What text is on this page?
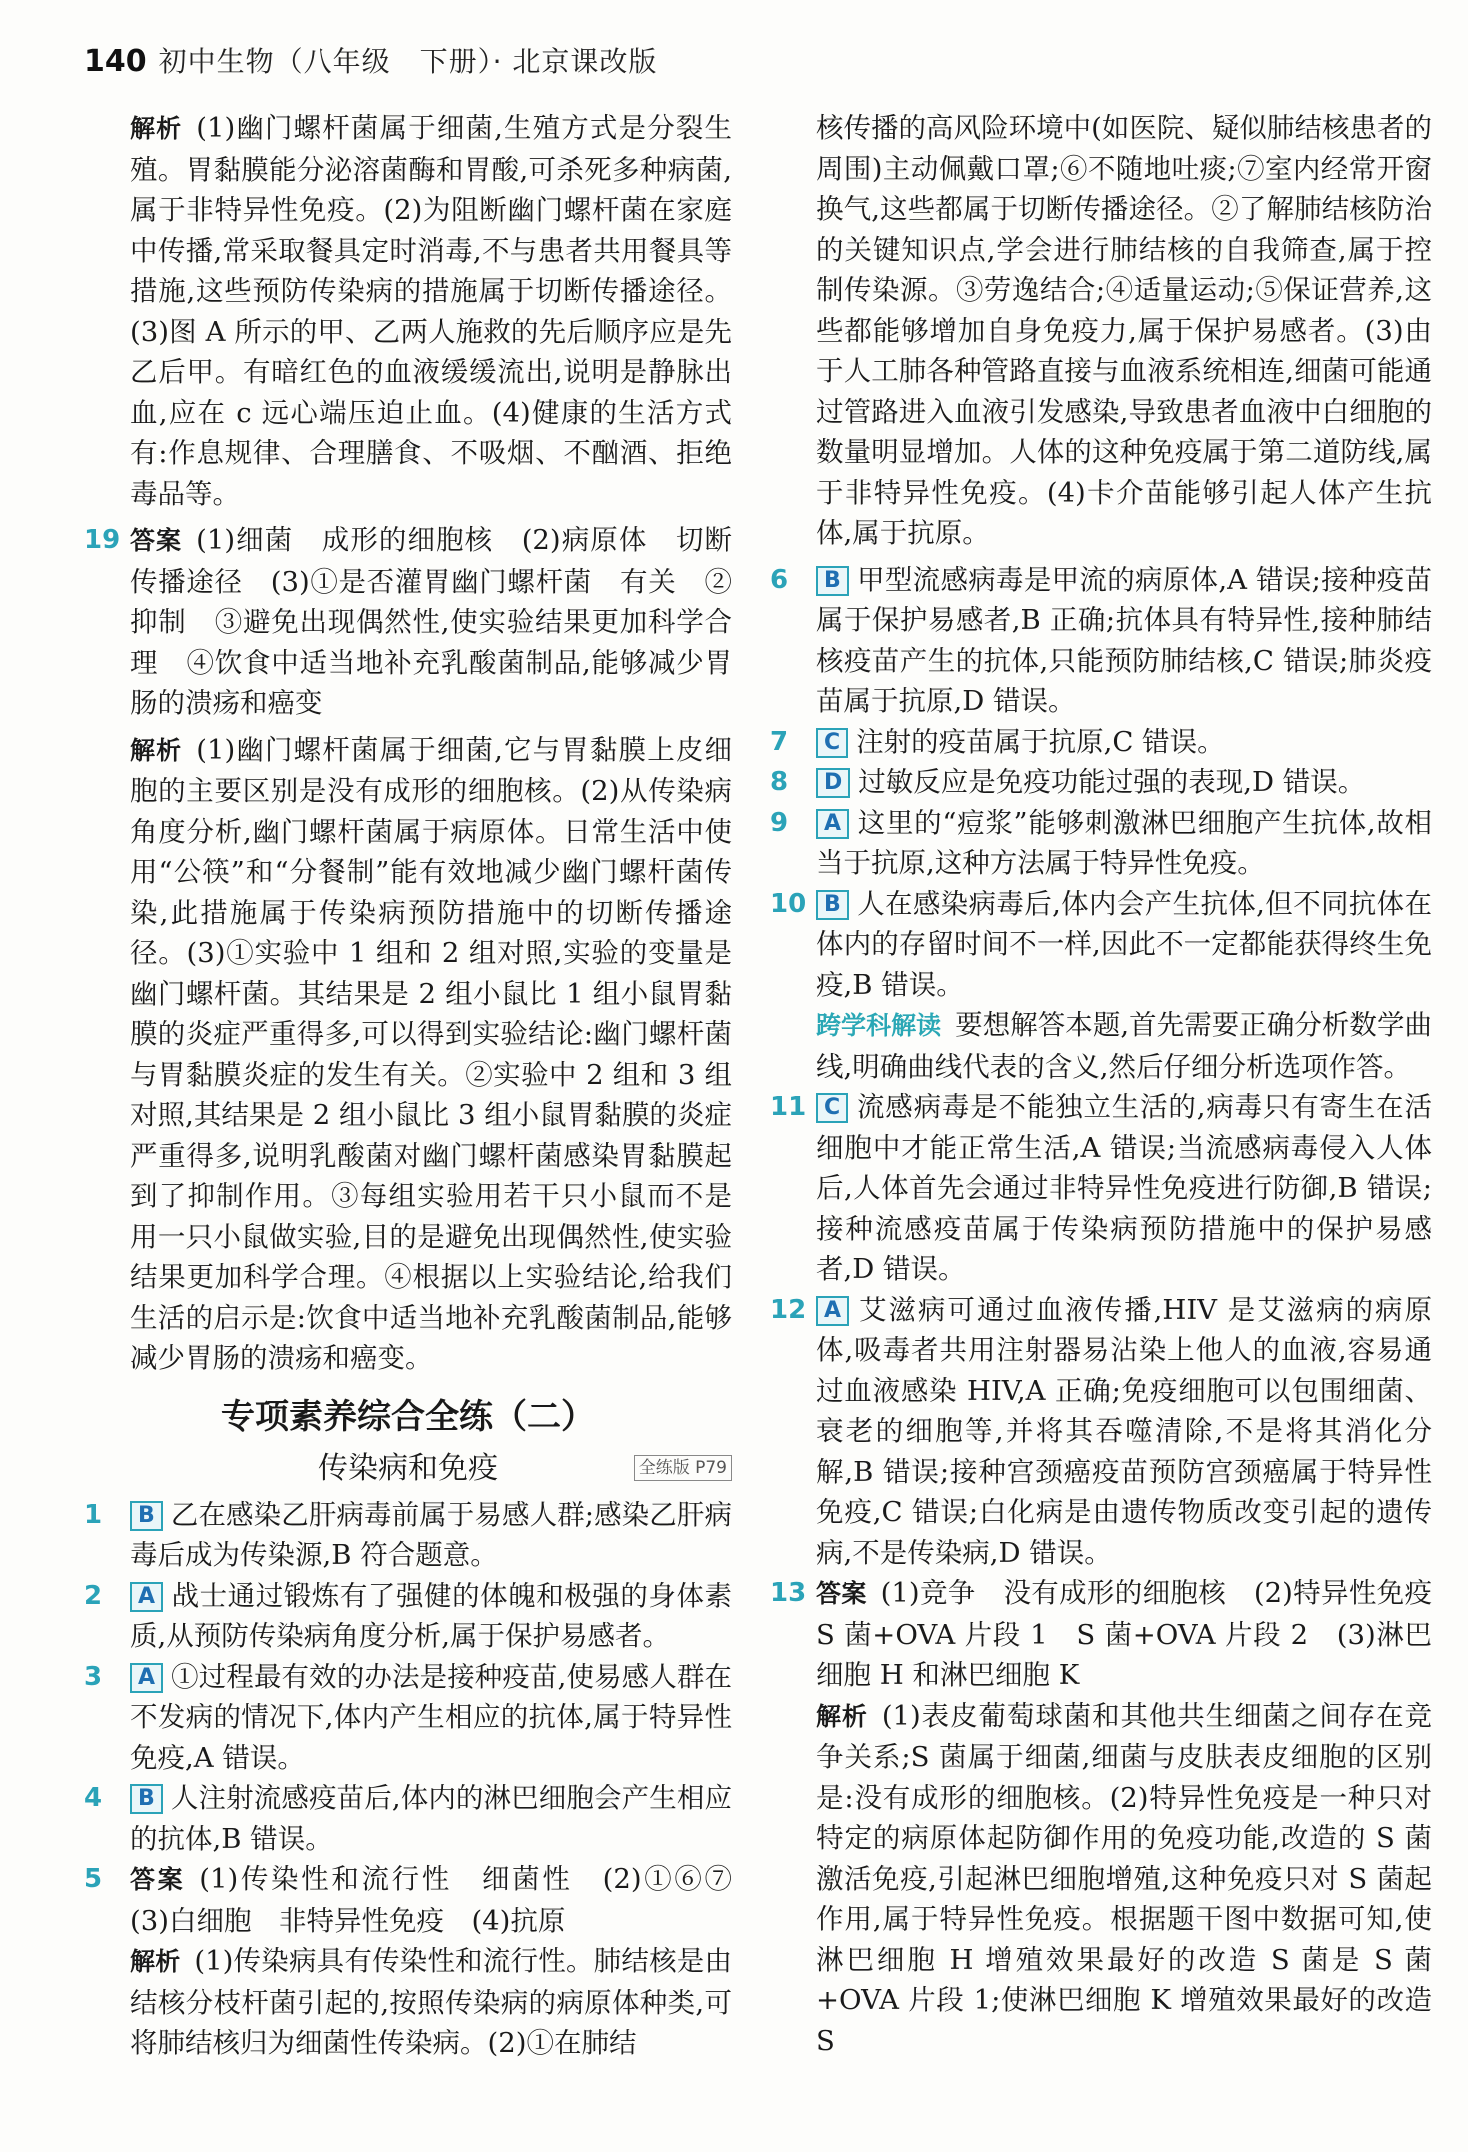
140 初中生物（八年级　下册）· 北京课改版

解析 (1)幽门螺杆菌属于细菌,生殖方式是分裂生殖。胃黏膜能分泌溶菌酶和胃酸,可杀死多种病菌,属于非特异性免疫。(2)为阻断幽门螺杆菌在家庭中传播,常采取餐具定时消毒,不与患者共用餐具等措施,这些预防传染病的措施属于切断传播途径。(3)图 A 所示的甲、乙两人施救的先后顺序应是先乙后甲。有暗红色的血液缓缓流出,说明是静脉出血,应在 c 远心端压迫止血。(4)健康的生活方式有:作息规律、合理膳食、不吸烟、不酗酒、拒绝毒品等。

19 答案 (1)细菌　成形的细胞核　(2)病原体　切断传播途径　(3)①是否灌胃幽门螺杆菌　有关　②抑制　③避免出现偶然性,使实验结果更加科学合理　④饮食中适当地补充乳酸菌制品,能够减少胃肠的溃疡和癌变

解析 (1)幽门螺杆菌属于细菌,它与胃黏膜上皮细胞的主要区别是没有成形的细胞核。(2)从传染病角度分析,幽门螺杆菌属于病原体。日常生活中使用“公筷”和“分餐制”能有效地减少幽门螺杆菌传染,此措施属于传染病预防措施中的切断传播途径。(3)①实验中 1 组和 2 组对照,实验的变量是幽门螺杆菌。其结果是 2 组小鼠比 1 组小鼠胃黏膜的炎症严重得多,可以得到实验结论:幽门螺杆菌与胃黏膜炎症的发生有关。②实验中 2 组和 3 组对照,其结果是 2 组小鼠比 3 组小鼠胃黏膜的炎症严重得多,说明乳酸菌对幽门螺杆菌感染胃黏膜起到了抑制作用。③每组实验用若干只小鼠而不是用一只小鼠做实验,目的是避免出现偶然性,使实验结果更加科学合理。④根据以上实验结论,给我们生活的启示是:饮食中适当地补充乳酸菌制品,能够减少胃肠的溃疡和癌变。

专项素养综合全练（二）
传染病和免疫	全练版 P79
1	B 乙在感染乙肝病毒前属于易感人群;感染乙肝病毒后成为传染源,B 符合题意。

2	A 战士通过锻炼有了强健的体魄和极强的身体素质,从预防传染病角度分析,属于保护易感者。

3	A ①过程最有效的办法是接种疫苗,使易感人群在不发病的情况下,体内产生相应的抗体,属于特异性免疫,A 错误。

4	B 人注射流感疫苗后,体内的淋巴细胞会产生相应的抗体,B 错误。

5 答案 (1)传染性和流行性　细菌性　(2)①⑥⑦　(3)白细胞　非特异性免疫　(4)抗原

解析 (1)传染病具有传染性和流行性。肺结核是由结核分枝杆菌引起的,按照传染病的病原体种类,可将肺结核归为细菌性传染病。(2)①在肺结

核传播的高风险环境中(如医院、疑似肺结核患者的周围)主动佩戴口罩;⑥不随地吐痰;⑦室内经常开窗换气,这些都属于切断传播途径。②了解肺结核防治的关键知识点,学会进行肺结核的自我筛查,属于控制传染源。③劳逸结合;④适量运动;⑤保证营养,这些都能够增加自身免疫力,属于保护易感者。(3)由于人工肺各种管路直接与血液系统相连,细菌可能通过管路进入血液引发感染,导致患者血液中白细胞的数量明显增加。人体的这种免疫属于第二道防线,属于非特异性免疫。(4)卡介苗能够引起人体产生抗体,属于抗原。

6	B 甲型流感病毒是甲流的病原体,A 错误;接种疫苗属于保护易感者,B 正确;抗体具有特异性,接种肺结核疫苗产生的抗体,只能预防肺结核,C 错误;肺炎疫苗属于抗原,D 错误。

7	C 注射的疫苗属于抗原,C 错误。

8	D 过敏反应是免疫功能过强的表现,D 错误。

9	A 这里的“痘浆”能够刺激淋巴细胞产生抗体,故相当于抗原,这种方法属于特异性免疫。

10 B 人在感染病毒后,体内会产生抗体,但不同抗体在体内的存留时间不一样,因此不一定都能获得终生免疫,B 错误。

跨学科解读 要想解答本题,首先需要正确分析数学曲线,明确曲线代表的含义,然后仔细分析选项作答。

11 C 流感病毒是不能独立生活的,病毒只有寄生在活细胞中才能正常生活,A 错误;当流感病毒侵入人体后,人体首先会通过非特异性免疫进行防御,B 错误;接种流感疫苗属于传染病预防措施中的保护易感者,D 错误。

12 A 艾滋病可通过血液传播,HIV 是艾滋病的病原体,吸毒者共用注射器易沾染上他人的血液,容易通过血液感染 HIV,A 正确;免疫细胞可以包围细菌、衰老的细胞等,并将其吞噬清除,不是将其消化分解,B 错误;接种宫颈癌疫苗预防宫颈癌属于特异性免疫,C 错误;白化病是由遗传物质改变引起的遗传病,不是传染病,D 错误。

13 答案 (1)竞争　没有成形的细胞核　(2)特异性免疫　S 菌+OVA 片段 1　S 菌+OVA 片段 2　(3)淋巴细胞 H 和淋巴细胞 K

解析 (1)表皮葡萄球菌和其他共生细菌之间存在竞争关系;S 菌属于细菌,细菌与皮肤表皮细胞的区别是:没有成形的细胞核。(2)特异性免疫是一种只对特定的病原体起防御作用的免疫功能,改造的 S 菌激活免疫,引起淋巴细胞增殖,这种免疫只对 S 菌起作用,属于特异性免疫。根据题干图中数据可知,使淋巴细胞 H 增殖效果最好的改造 S 菌是 S 菌+OVA 片段 1;使淋巴细胞 K 增殖效果最好的改造 S
